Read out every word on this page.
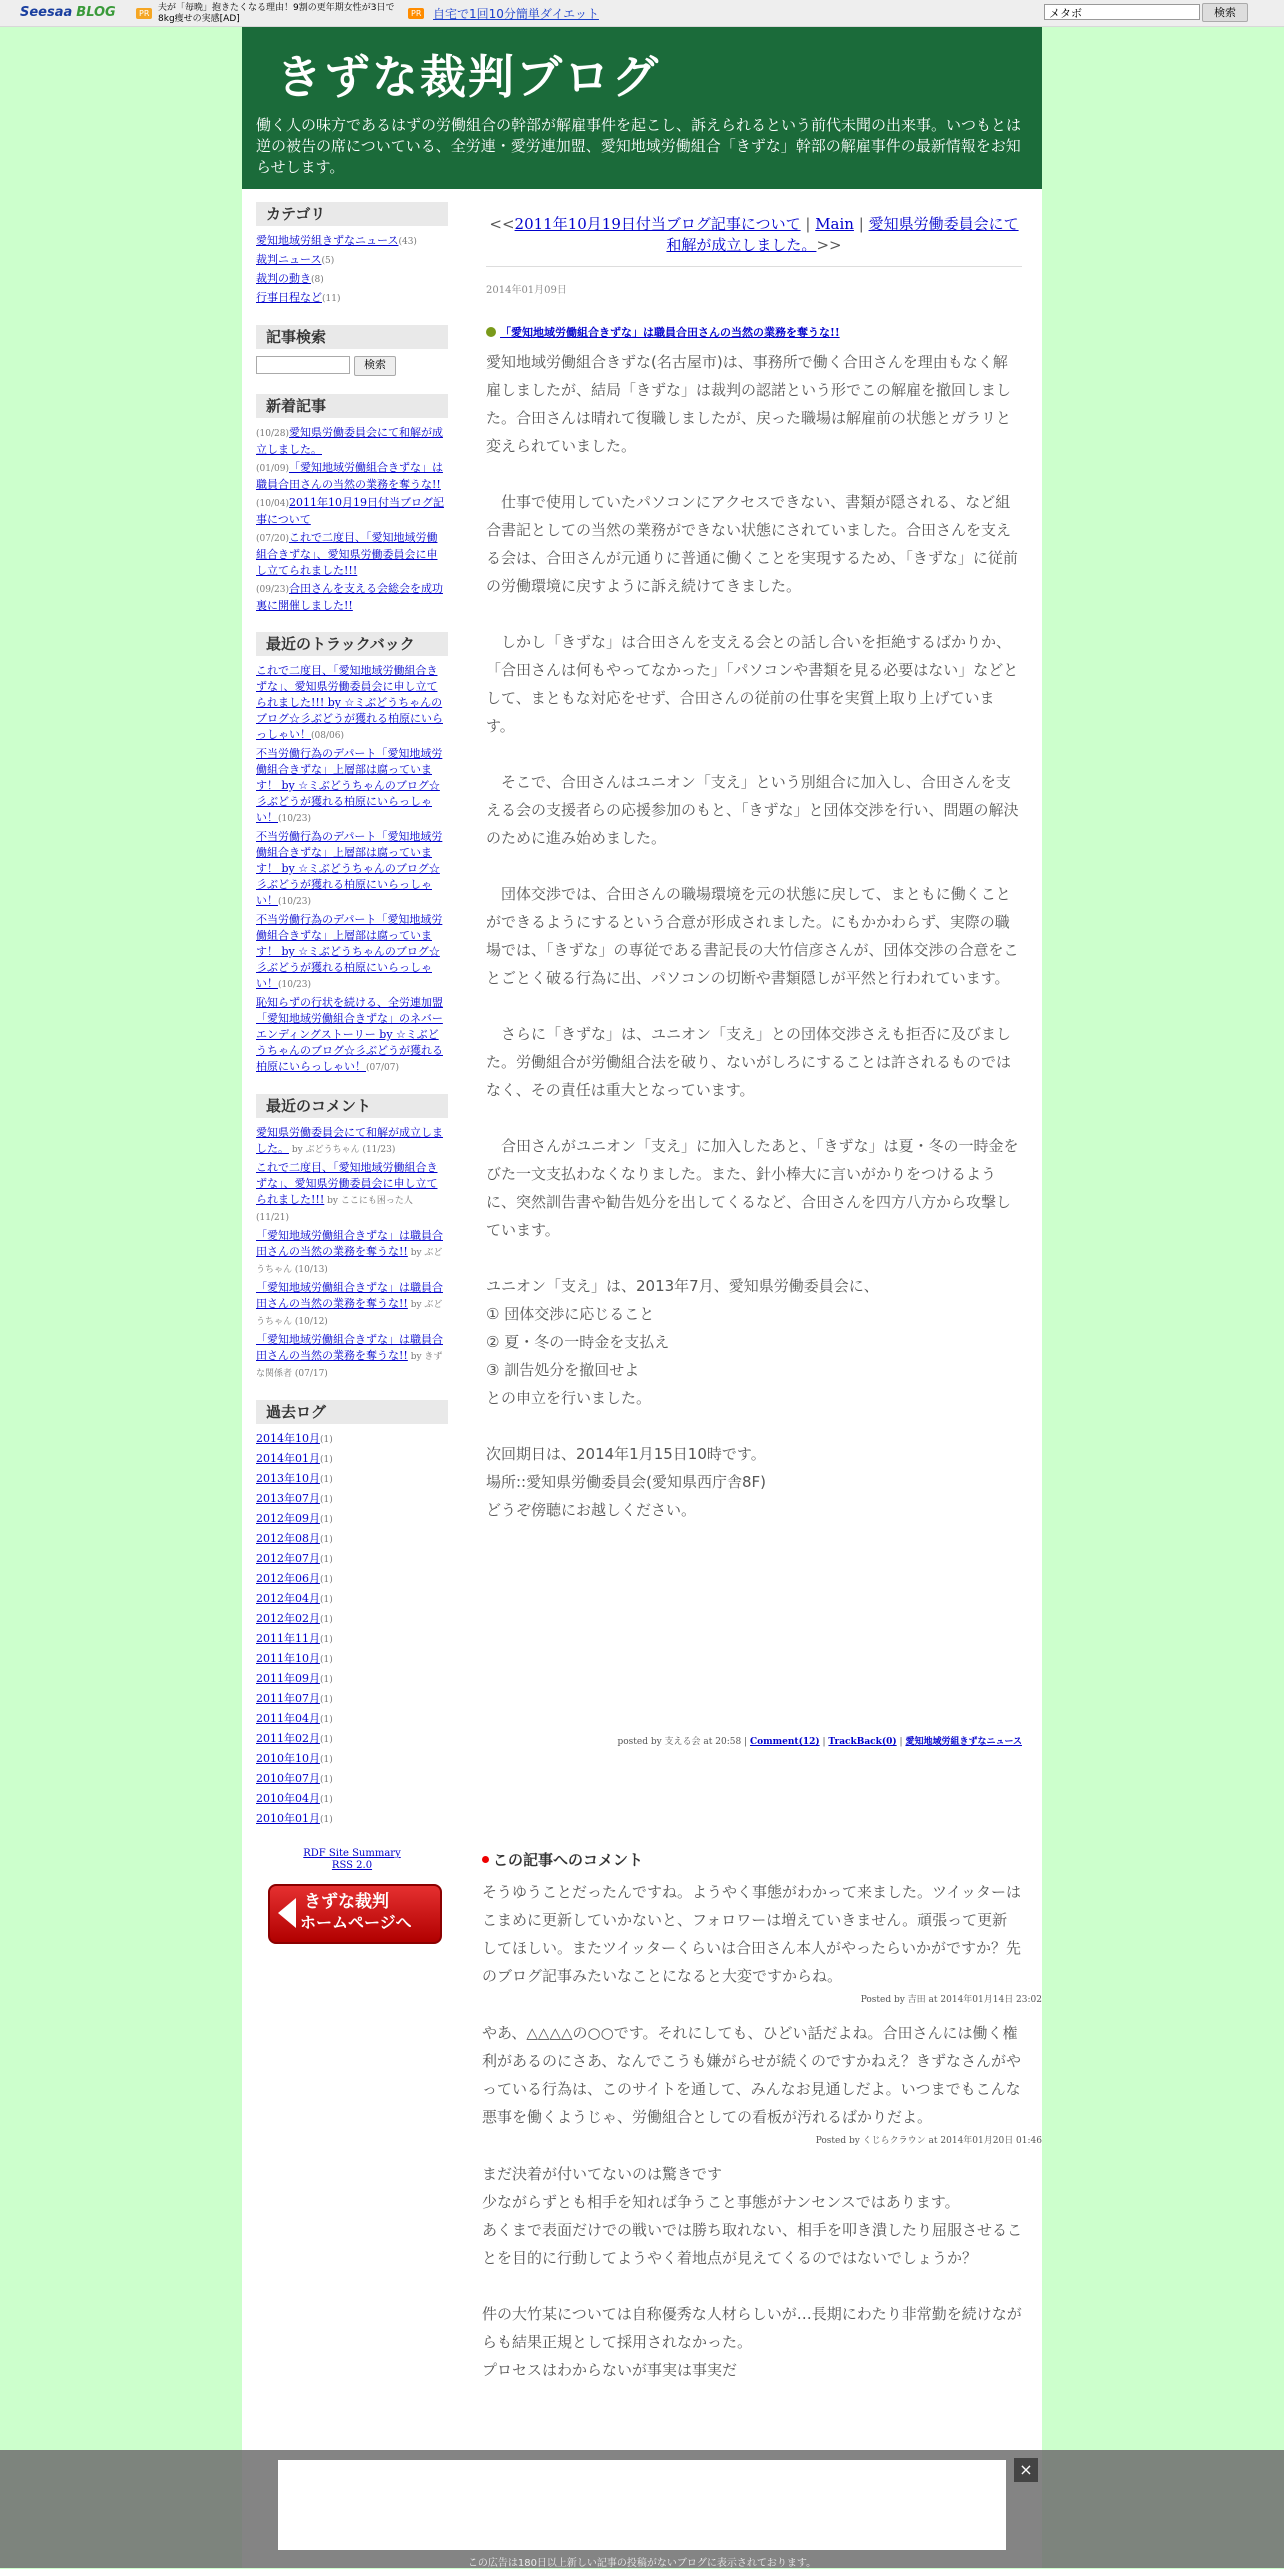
Seesaa BLOG	PR
夫が「毎晩」抱きたくなる理由！9割の更年期女性が3日で8kg痩せの実感[AD]
PR 自宅で1回10分簡単ダイエット	メタボ	検索
きずな裁判ブログ
働く人の味方であるはずの労働組合の幹部が解雇事件を起こし、訴えられるという前代未聞の出来事。いつもとは逆の被告の席についている、全労連・愛労連加盟、愛知地域労働組合「きずな」幹部の解雇事件の最新情報をお知らせします。
カテゴリ
愛知地域労組きずなニュース(43)
裁判ニュース(5)
裁判の動き(8)
行事日程など(11)
記事検索
検索
新着記事
(10/28)愛知県労働委員会にて和解が成立しました。
(01/09)「愛知地域労働組合きずな」は職員合田さんの当然の業務を奪うな!!
(10/04)2011年10月19日付当ブログ記事について
(07/20)これで二度目、「愛知地域労働組合きずな」、愛知県労働委員会に申し立てられました!!!
(09/23)合田さんを支える会総会を成功裏に開催しました!!
最近のトラックバック
これで二度目、「愛知地域労働組合きずな」、愛知県労働委員会に申し立てられました!!! by ☆ミぶどうちゃんのブログ☆彡ぶどうが獲れる柏原にいらっしゃい！(08/06)
不当労働行為のデパート「愛知地域労働組合きずな」上層部は腐っています！ by ☆ミぶどうちゃんのブログ☆彡ぶどうが獲れる柏原にいらっしゃい！(10/23)
不当労働行為のデパート「愛知地域労働組合きずな」上層部は腐っています！ by ☆ミぶどうちゃんのブログ☆彡ぶどうが獲れる柏原にいらっしゃい！(10/23)
不当労働行為のデパート「愛知地域労働組合きずな」上層部は腐っています！ by ☆ミぶどうちゃんのブログ☆彡ぶどうが獲れる柏原にいらっしゃい！(10/23)
恥知らずの行状を続ける、全労連加盟「愛知地域労働組合きずな」のネバーエンディングストーリー by ☆ミぶどうちゃんのブログ☆彡ぶどうが獲れる柏原にいらっしゃい！(07/07)
最近のコメント
愛知県労働委員会にて和解が成立しました。 by ぶどうちゃん (11/23)
これで二度目、「愛知地域労働組合きずな」、愛知県労働委員会に申し立てられました!!! by ここにも困った人 (11/21)
「愛知地域労働組合きずな」は職員合田さんの当然の業務を奪うな!! by ぶどうちゃん (10/13)
「愛知地域労働組合きずな」は職員合田さんの当然の業務を奪うな!! by ぶどうちゃん (10/12)
「愛知地域労働組合きずな」は職員合田さんの当然の業務を奪うな!! by きずな関係者 (07/17)
過去ログ
2014年10月(1)
2014年01月(1)
2013年10月(1)
2013年07月(1)
2012年09月(1)
2012年08月(1)
2012年07月(1)
2012年06月(1)
2012年04月(1)
2012年02月(1)
2011年11月(1)
2011年10月(1)
2011年09月(1)
2011年07月(1)
2011年04月(1)
2011年02月(1)
2010年10月(1)
2010年07月(1)
2010年04月(1)
2010年01月(1)
RDF Site Summary
RSS 2.0
きずな裁判
ホームページへ
<<2011年10月19日付当ブログ記事について | Main | 愛知県労働委員会にて和解が成立しました。>>
2014年01月09日
「愛知地域労働組合きずな」は職員合田さんの当然の業務を奪うな!!

愛知地域労働組合きずな(名古屋市)は、事務所で働く合田さんを理由もなく解雇しましたが、結局「きずな」は裁判の認諾という形でこの解雇を撤回しました。合田さんは晴れて復職しましたが、戻った職場は解雇前の状態とガラリと変えられていました。

　仕事で使用していたパソコンにアクセスできない、書類が隠される、など組合書記としての当然の業務ができない状態にされていました。合田さんを支える会は、合田さんが元通りに普通に働くことを実現するため、「きずな」に従前の労働環境に戻すように訴え続けてきました。

　しかし「きずな」は合田さんを支える会との話し合いを拒絶するばかりか、「合田さんは何もやってなかった」「パソコンや書類を見る必要はない」などとして、まともな対応をせず、合田さんの従前の仕事を実質上取り上げています。

　そこで、合田さんはユニオン「支え」という別組合に加入し、合田さんを支える会の支援者らの応援参加のもと、「きずな」と団体交渉を行い、問題の解決のために進み始めました。

　団体交渉では、合田さんの職場環境を元の状態に戻して、まともに働くことができるようにするという合意が形成されました。にもかかわらず、実際の職場では、「きずな」の専従である書記長の大竹信彦さんが、団体交渉の合意をことごとく破る行為に出、パソコンの切断や書類隠しが平然と行われています。

　さらに「きずな」は、ユニオン「支え」との団体交渉さえも拒否に及びました。労働組合が労働組合法を破り、ないがしろにすることは許されるものではなく、その責任は重大となっています。

　合田さんがユニオン「支え」に加入したあと、「きずな」は夏・冬の一時金をびた一文支払わなくなりました。また、針小棒大に言いがかりをつけるように、突然訓告書や勧告処分を出してくるなど、合田さんを四方八方から攻撃しています。

ユニオン「支え」は、2013年7月、愛知県労働委員会に、

① 団体交渉に応じること
② 夏・冬の一時金を支払え
③ 訓告処分を撤回せよ

との申立を行いました。

次回期日は、2014年1月15日10時です。

場所::愛知県労働委員会(愛知県西庁舎8F)

どうぞ傍聴にお越しください。

posted by 支える会 at 20:58 | Comment(12) | TrackBack(0) | 愛知地域労組きずなニュース
この記事へのコメント
そうゆうことだったんですね。ようやく事態がわかって来ました。ツイッターはこまめに更新していかないと、フォロワーは増えていきません。頑張って更新してほしい。またツイッターくらいは合田さん本人がやったらいかがですか？先のブログ記事みたいなことになると大変ですからね。
Posted by 吉田 at 2014年01月14日 23:02
やあ、△△△△の○○です。それにしても、ひどい話だよね。合田さんには働く権利があるのにさあ、なんでこうも嫌がらせが続くのですかねえ？きずなさんがやっている行為は、このサイトを通して、みんなお見通しだよ。いつまでもこんな悪事を働くようじゃ、労働組合としての看板が汚れるばかりだよ。
Posted by くじらクラウン at 2014年01月20日 01:46
まだ決着が付いてないのは驚きです
少ながらずとも相手を知れば争うこと事態がナンセンスではあります。
あくまで表面だけでの戦いでは勝ち取れない、相手を叩き潰したり屈服させることを目的に行動してようやく着地点が見えてくるのではないでしょうか？

件の大竹某については自称優秀な人材らしいが…長期にわたり非常勤を続けながらも結果正規として採用されなかった。
プロセスはわからないが事実は事実だ
×
この広告は180日以上新しい記事の投稿がないブログに表示されております。
